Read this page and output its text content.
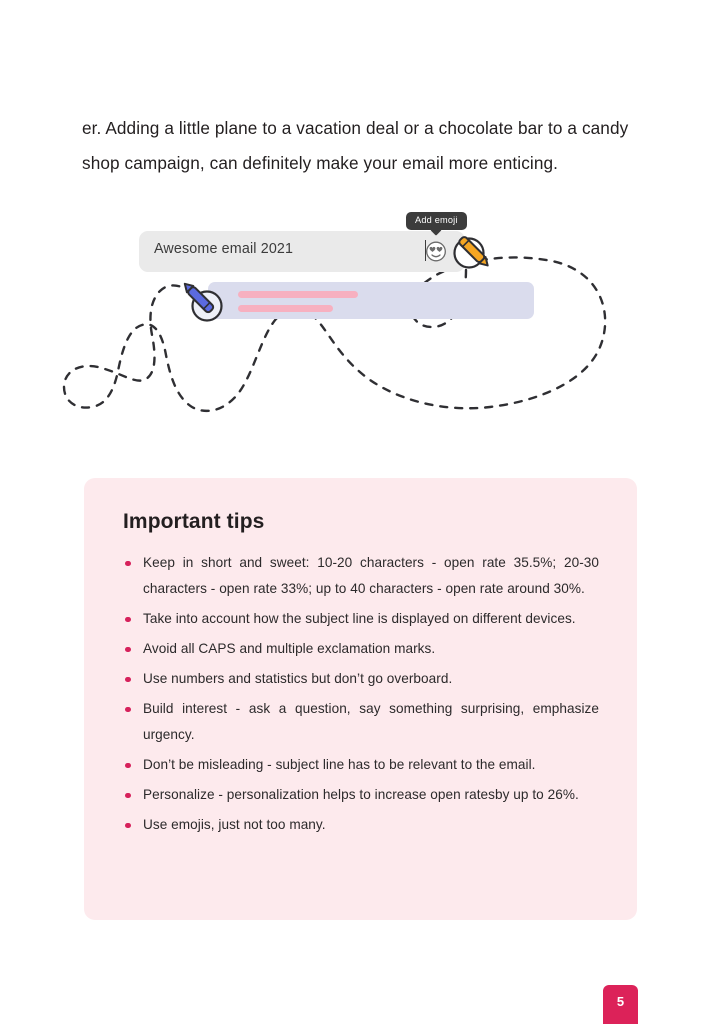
er. Adding a little plane to a vacation deal or a chocolate bar to a candy shop campaign, can definitely make your email more enticing.

Awesome email 2021
Add emoji
Important tips
Keep in short and sweet: 10-20 characters - open rate 35.5%; 20-30 characters - open rate 33%; up to 40 characters - open rate around 30%.
Take into account how the subject line is displayed on different devices.
Avoid all CAPS and multiple exclamation marks.
Use numbers and statistics but don’t go overboard.
Build interest - ask a question, say something surprising, emphasize urgency.
Don’t be misleading - subject line has to be relevant to the email.
Personalize - personalization helps to increase open ratesby up to 26%.
Use emojis, just not too many.
5
